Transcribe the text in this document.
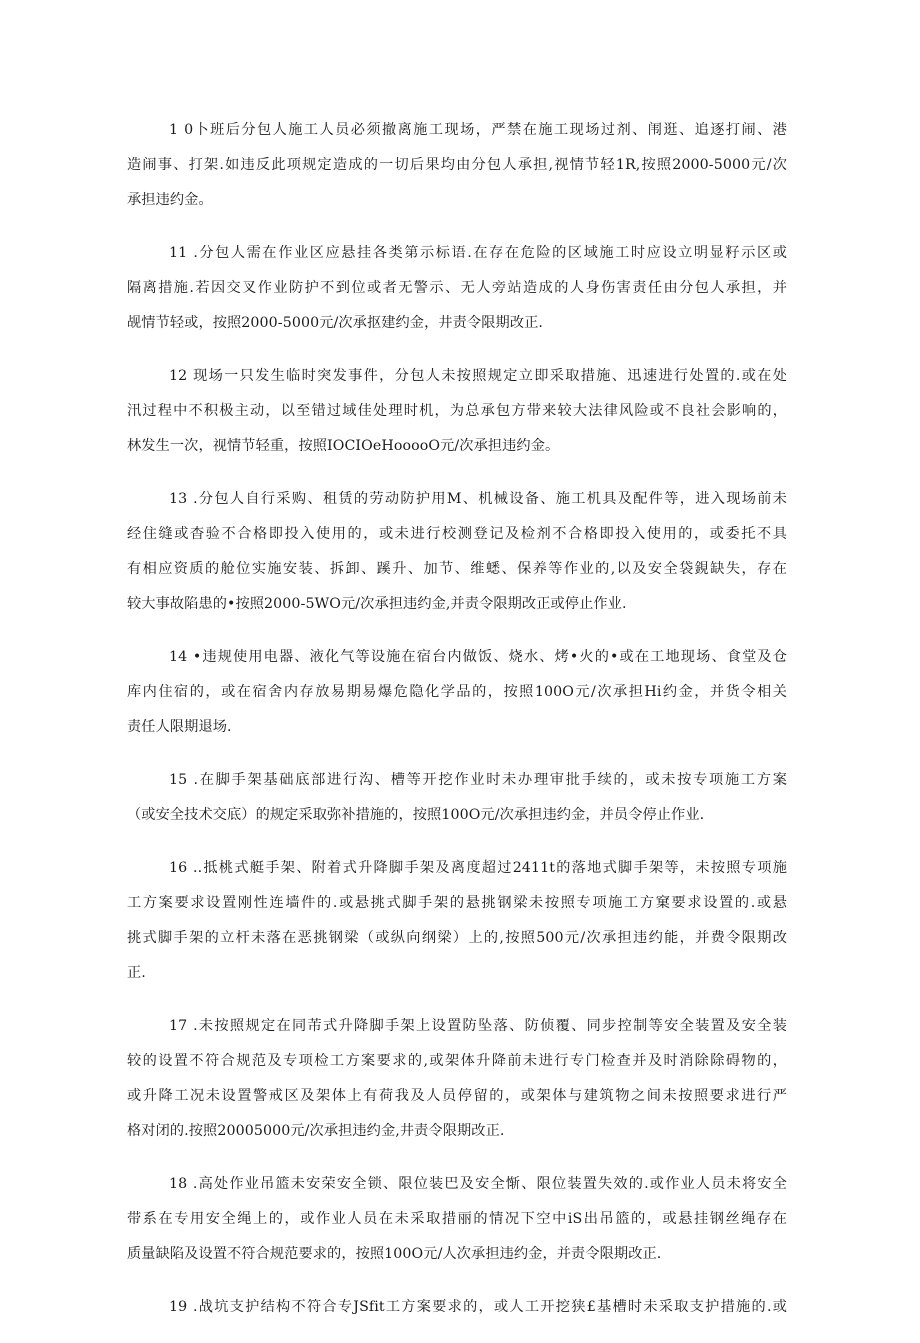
1 0卜班后分包人施工人员必须撤离施工现场，严禁在施工现场过剂、闱逛、追逐打闹、港
造闹事、打架.如违反此项规定造成的一切后果均由分包人承担,视情节轻1R,按照2000-5000元/次
承担违约金。
11 .分包人需在作业区应悬挂各类第示标语.在存在危险的区域施工时应设立明显籽示区或
隔离措施.若因交叉作业防护不到位或者无警示、无人旁站造成的人身伤害责任由分包人承担，并
觇情节轻或，按照2000-5000元/次承抠建约金，井责令限期改正.
12 现场一只发生临时突发事件，分包人未按照规定立即采取措施、迅速进行处置的.或在处
汛过程中不积极主动，以至错过域佳处理时机，为总承包方带来较大法律风险或不良社会影响的，
林发生一次，视情节轻重，按照IOCIOeHooooO元/次承担违约金。
13 .分包人自行采购、租赁的劳动防护用M、机械设备、施工机具及配件等，进入现场前未
经住缝或杳验不合格即投入使用的，或未进行校测登记及检剂不合格即投入使用的，或委托不具
有相应资质的舱位实施安装、拆卸、蹊升、加节、维蟋、保养等作业的,以及安全袋鋧缺失，存在
较大事故陷患的•按照2000-5WO元/次承担违约金,并责令限期改正或停止作业.
14 •违规使用电器、液化气等设施在宿台内做饭、烧水、烤•火的•或在工地现场、食堂及仓
库内住宿的，或在宿舍内存放易期易爆危隐化学品的，按照100O元/次承担Hi约金，并货令相关
责任人限期退场.
15 .在脚手架基础底部进行沟、槽等开挖作业时未办理审批手续的，或未按专项施工方案
（或安全技术交底）的规定采取弥补措施的，按照100O元/次承担违约金，并员令停止作业.
16 ..抵桃式艇手架、附着式升降脚手架及离度超过2411t的落地式脚手架等，未按照专项施
工方案要求设置刚性连墙件的.或悬挑式脚手架的悬挑钢梁未按照专项施工方窠要求设置的.或悬
挑式脚手架的立杆未落在恶挑钢梁（或纵向纲梁）上的,按照500元/次承担违约能，并费令限期改
正.
17 .未按照规定在同芾式升降脚手架上设置防坠落、防侦覆、同步控制等安全装置及安全装
较的设置不符合规范及专项检工方案要求的,或架体升降前未进行专门检查并及时消除除碍物的，
或升降工况未设置警戒区及架体上有荷我及人员停留的，或架体与建筑物之间未按照要求进行严
格对闭的.按照20005000元/次承担违约金,井责令限期改正.
18 .高处作业吊篮未安荣安全锁、限位装巴及安全惭、限位装置失效的.或作业人员未将安全
带系在专用安全绳上的，或作业人员在未采取措丽的情况下空中iS出吊篮的，或悬挂钢丝绳存在
质量缺陷及设置不符合规范要求的，按照100O元/人次承担违约金，并责令限期改正.
19 .战坑支护结构不符合专JSfit工方案要求的，或人工开挖狭£基槽时未采取支护措施的.或
